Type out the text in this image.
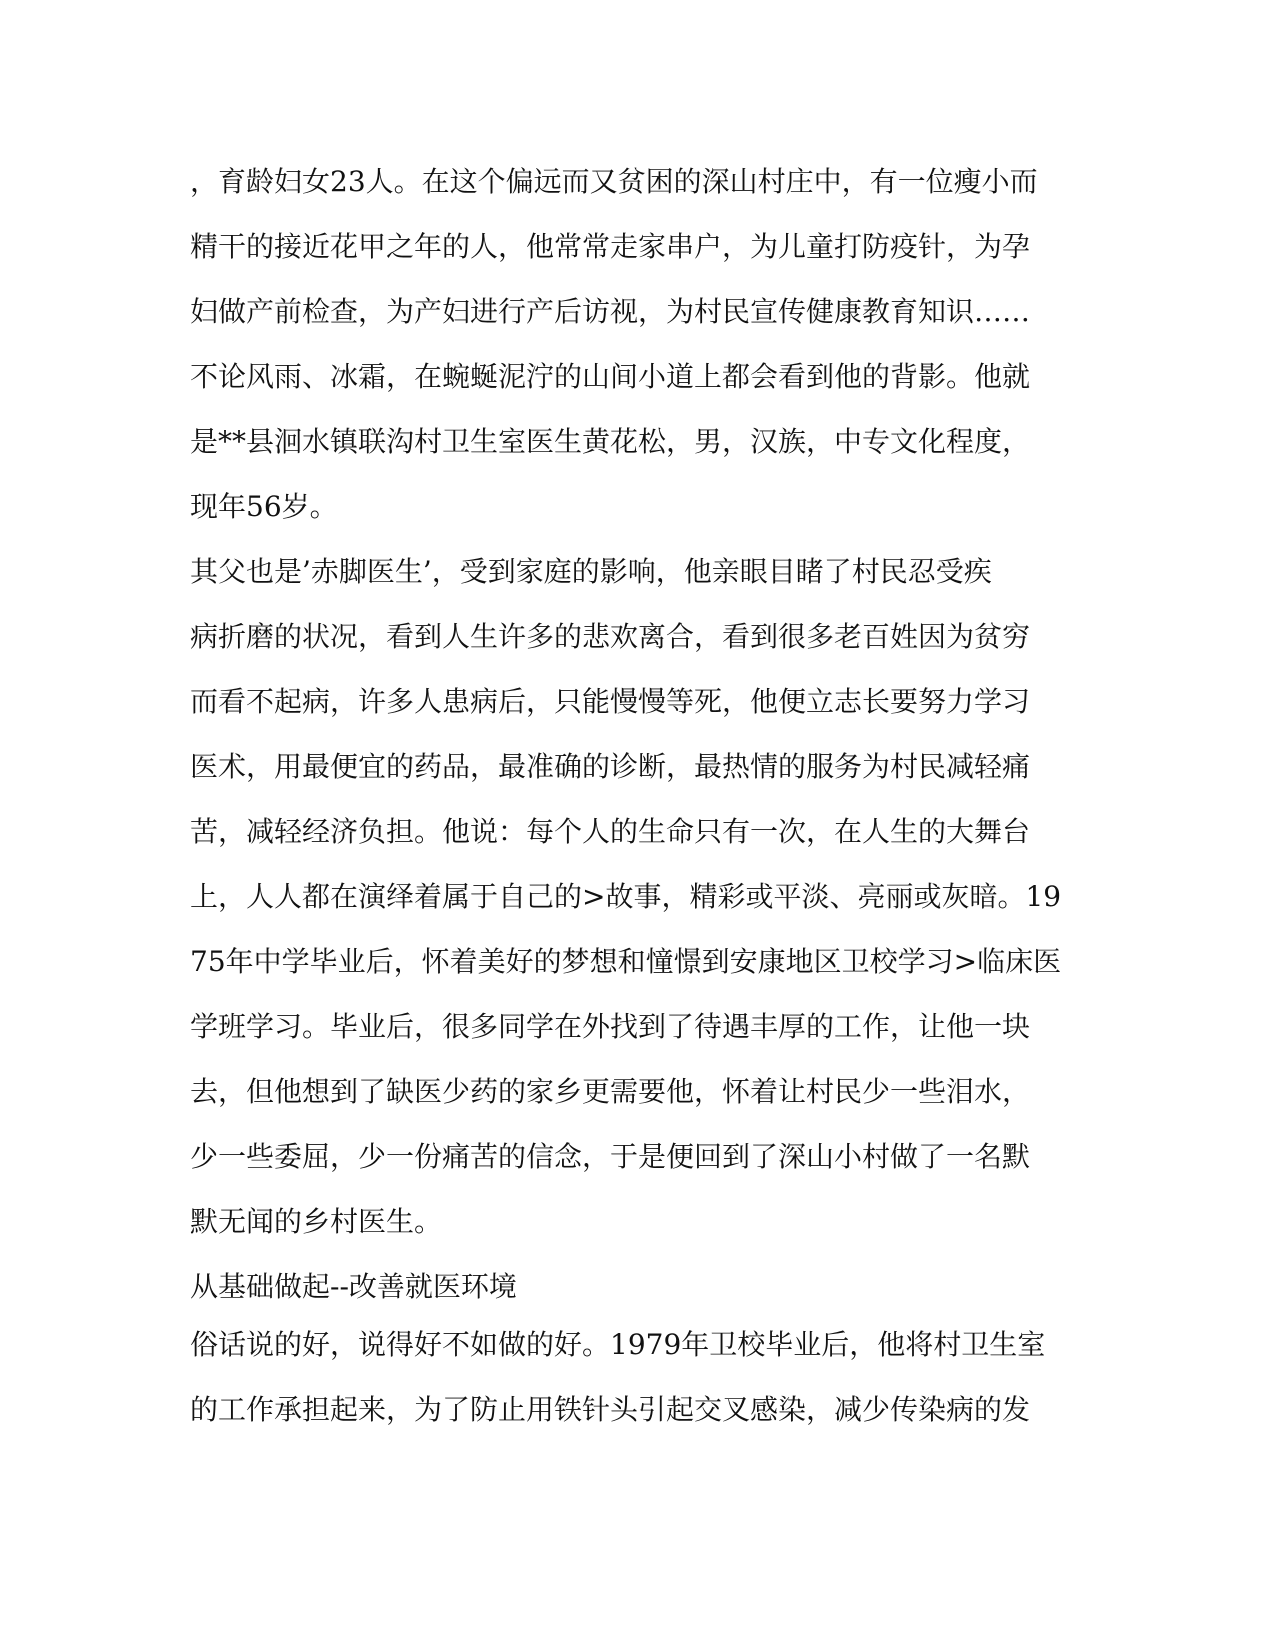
，育龄妇女23人。在这个偏远而又贫困的深山村庄中，有一位瘦小而
精干的接近花甲之年的人，他常常走家串户，为儿童打防疫针，为孕
妇做产前检查，为产妇进行产后访视，为村民宣传健康教育知识……
不论风雨、冰霜，在蜿蜒泥泞的山间小道上都会看到他的背影。他就
是**县洄水镇联沟村卫生室医生黄花松，男，汉族，中专文化程度，
现年56岁。
其父也是’赤脚医生’，受到家庭的影响，他亲眼目睹了村民忍受疾
病折磨的状况，看到人生许多的悲欢离合，看到很多老百姓因为贫穷
而看不起病，许多人患病后，只能慢慢等死，他便立志长要努力学习
医术，用最便宜的药品，最准确的诊断，最热情的服务为村民减轻痛
苦，减轻经济负担。他说：每个人的生命只有一次，在人生的大舞台
上，人人都在演绎着属于自己的>故事，精彩或平淡、亮丽或灰暗。19
75年中学毕业后，怀着美好的梦想和憧憬到安康地区卫校学习>临床医
学班学习。毕业后，很多同学在外找到了待遇丰厚的工作，让他一块
去，但他想到了缺医少药的家乡更需要他，怀着让村民少一些泪水，
少一些委屈，少一份痛苦的信念，于是便回到了深山小村做了一名默
默无闻的乡村医生。
从基础做起--改善就医环境
俗话说的好，说得好不如做的好。1979年卫校毕业后，他将村卫生室
的工作承担起来，为了防止用铁针头引起交叉感染，减少传染病的发
